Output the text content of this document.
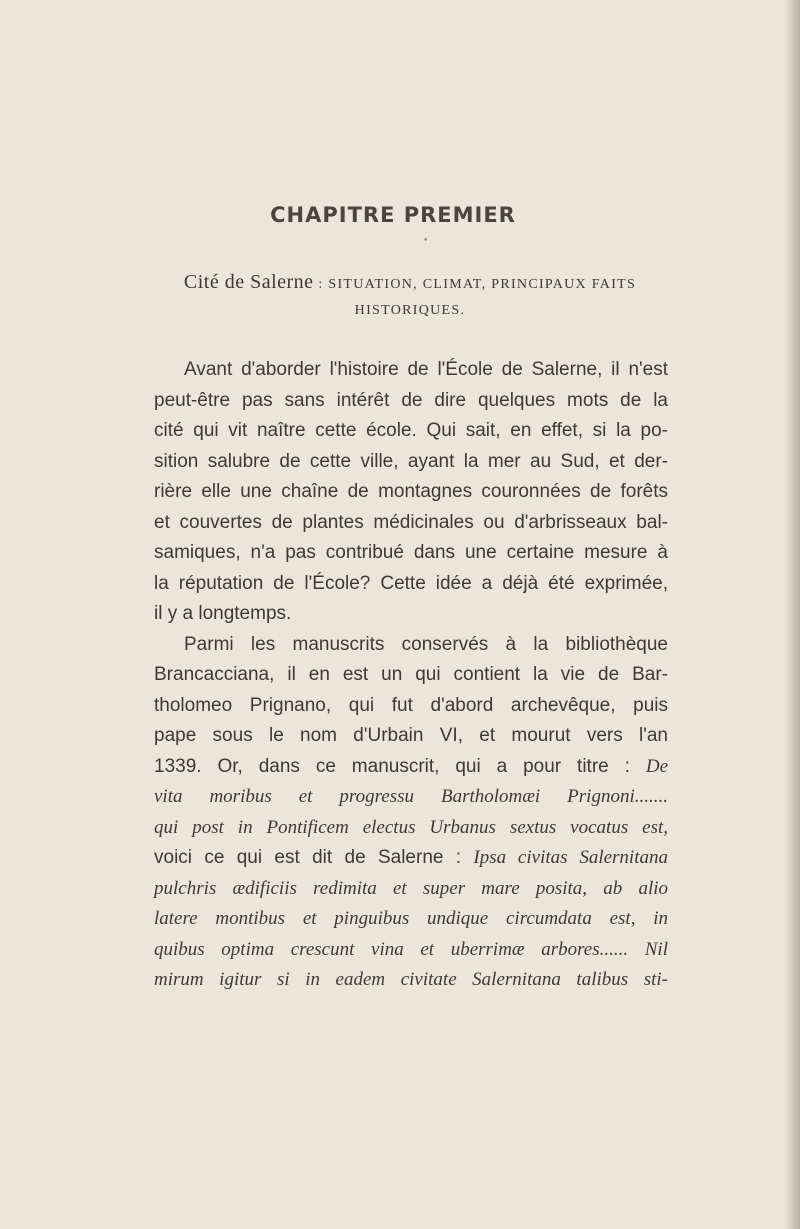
CHAPITRE PREMIER
•
Cité de Salerne : SITUATION, CLIMAT, PRINCIPAUX FAITS
HISTORIQUES.
Avant d'aborder l'histoire de l'École de Salerne, il n'est
peut-être pas sans intérêt de dire quelques mots de la
cité qui vit naître cette école. Qui sait, en effet, si la po-
sition salubre de cette ville, ayant la mer au Sud, et der-
rière elle une chaîne de montagnes couronnées de forêts
et couvertes de plantes médicinales ou d'arbrisseaux bal-
samiques, n'a pas contribué dans une certaine mesure à
la réputation de l'École? Cette idée a déjà été exprimée,
il y a longtemps.
Parmi les manuscrits conservés à la bibliothèque
Brancacciana, il en est un qui contient la vie de Bar-
tholomeo Prignano, qui fut d'abord archevêque, puis
pape sous le nom d'Urbain VI, et mourut vers l'an
1339. Or, dans ce manuscrit, qui a pour titre : De
vita moribus et progressu Bartholomæi Prignoni.......
qui post in Pontificem electus Urbanus sextus vocatus est,
voici ce qui est dit de Salerne : Ipsa civitas Salernitana
pulchris ædificiis redimita et super mare posita, ab alio
latere montibus et pinguibus undique circumdata est, in
quibus optima crescunt vina et uberrimæ arbores...... Nil
mirum igitur si in eadem civitate Salernitana talibus sti-
